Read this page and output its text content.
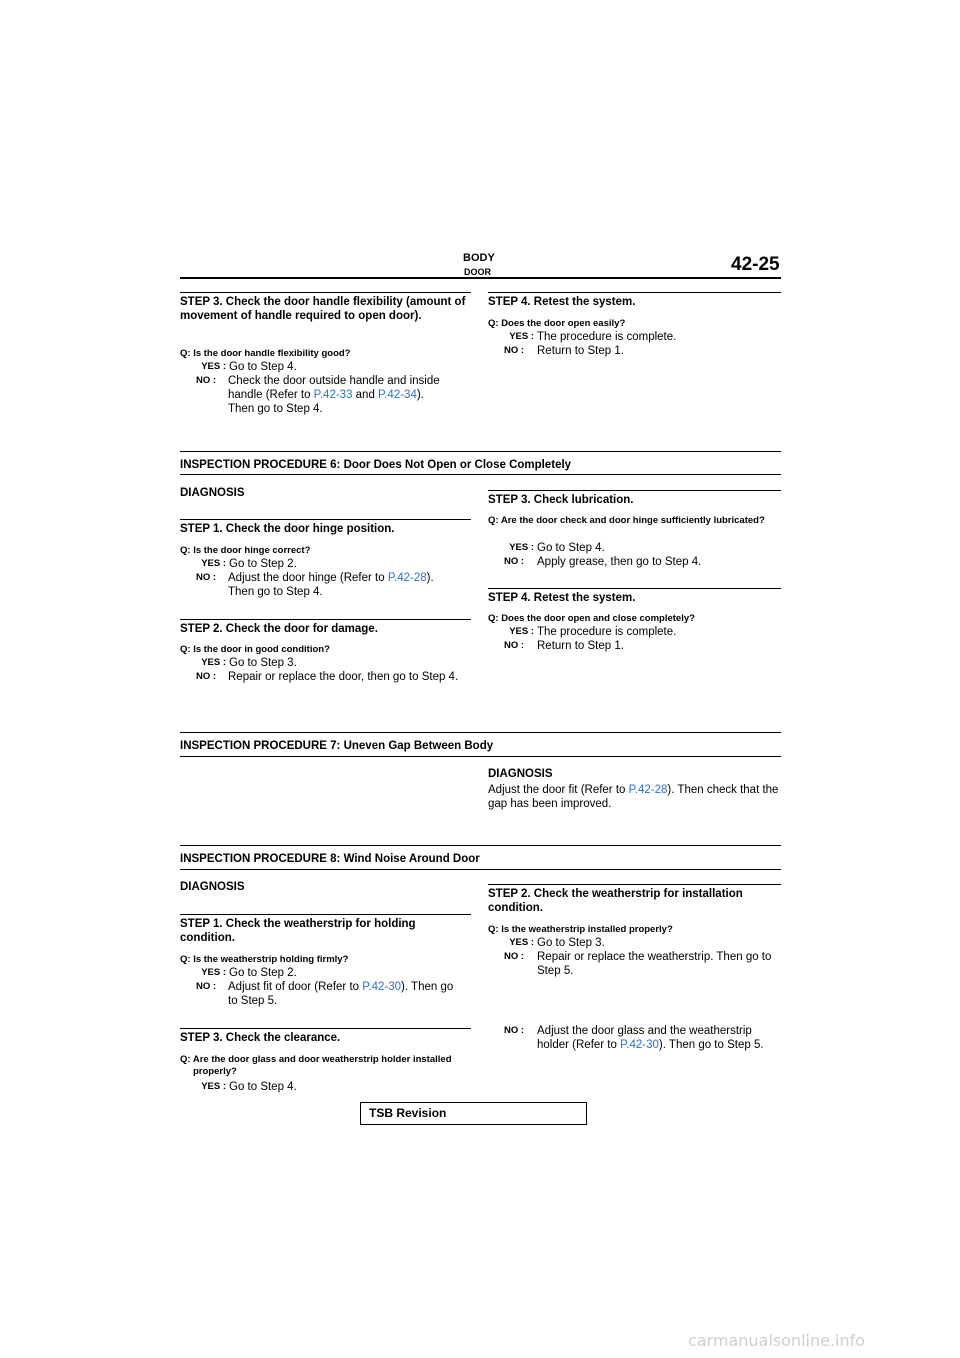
BODY
DOOR	42-25
STEP 3. Check the door handle flexibility (amount of movement of handle required to open door).
Q: Is the door handle flexibility good?
YES : Go to Step 4.
NO :	Check the door outside handle and inside handle (Refer to P.42-33 and P.42-34).
Then go to Step 4.
STEP 4. Retest the system.
Q: Does the door open easily?
YES : The procedure is complete.
NO :	Return to Step 1.
INSPECTION PROCEDURE 6: Door Does Not Open or Close Completely
DIAGNOSIS
STEP 1. Check the door hinge position.
Q: Is the door hinge correct?
YES : Go to Step 2.
NO :	Adjust the door hinge (Refer to P.42-28).
Then go to Step 4.
STEP 2. Check the door for damage.
Q: Is the door in good condition?
YES : Go to Step 3.
NO :	Repair or replace the door, then go to Step 4.
STEP 3. Check lubrication.
Q: Are the door check and door hinge sufficiently lubricated?
YES : Go to Step 4.
NO :	Apply grease, then go to Step 4.
STEP 4. Retest the system.
Q: Does the door open and close completely?
YES : The procedure is complete.
NO :	Return to Step 1.
INSPECTION PROCEDURE 7: Uneven Gap Between Body
DIAGNOSIS
Adjust the door fit (Refer to P.42-28). Then check that the gap has been improved.
INSPECTION PROCEDURE 8: Wind Noise Around Door
DIAGNOSIS
STEP 1. Check the weatherstrip for holding condition.
Q: Is the weatherstrip holding firmly?
YES : Go to Step 2.
NO :	Adjust fit of door (Refer to P.42-30). Then go to Step 5.
STEP 3. Check the clearance.
Q: Are the door glass and door weatherstrip holder installed properly?
YES : Go to Step 4.
STEP 2. Check the weatherstrip for installation condition.
Q: Is the weatherstrip installed properly?
YES : Go to Step 3.
NO :	Repair or replace the weatherstrip. Then go to Step 5.
NO :	Adjust the door glass and the weatherstrip holder (Refer to P.42-30). Then go to Step 5.
TSB Revision
carmanualsonline.info
